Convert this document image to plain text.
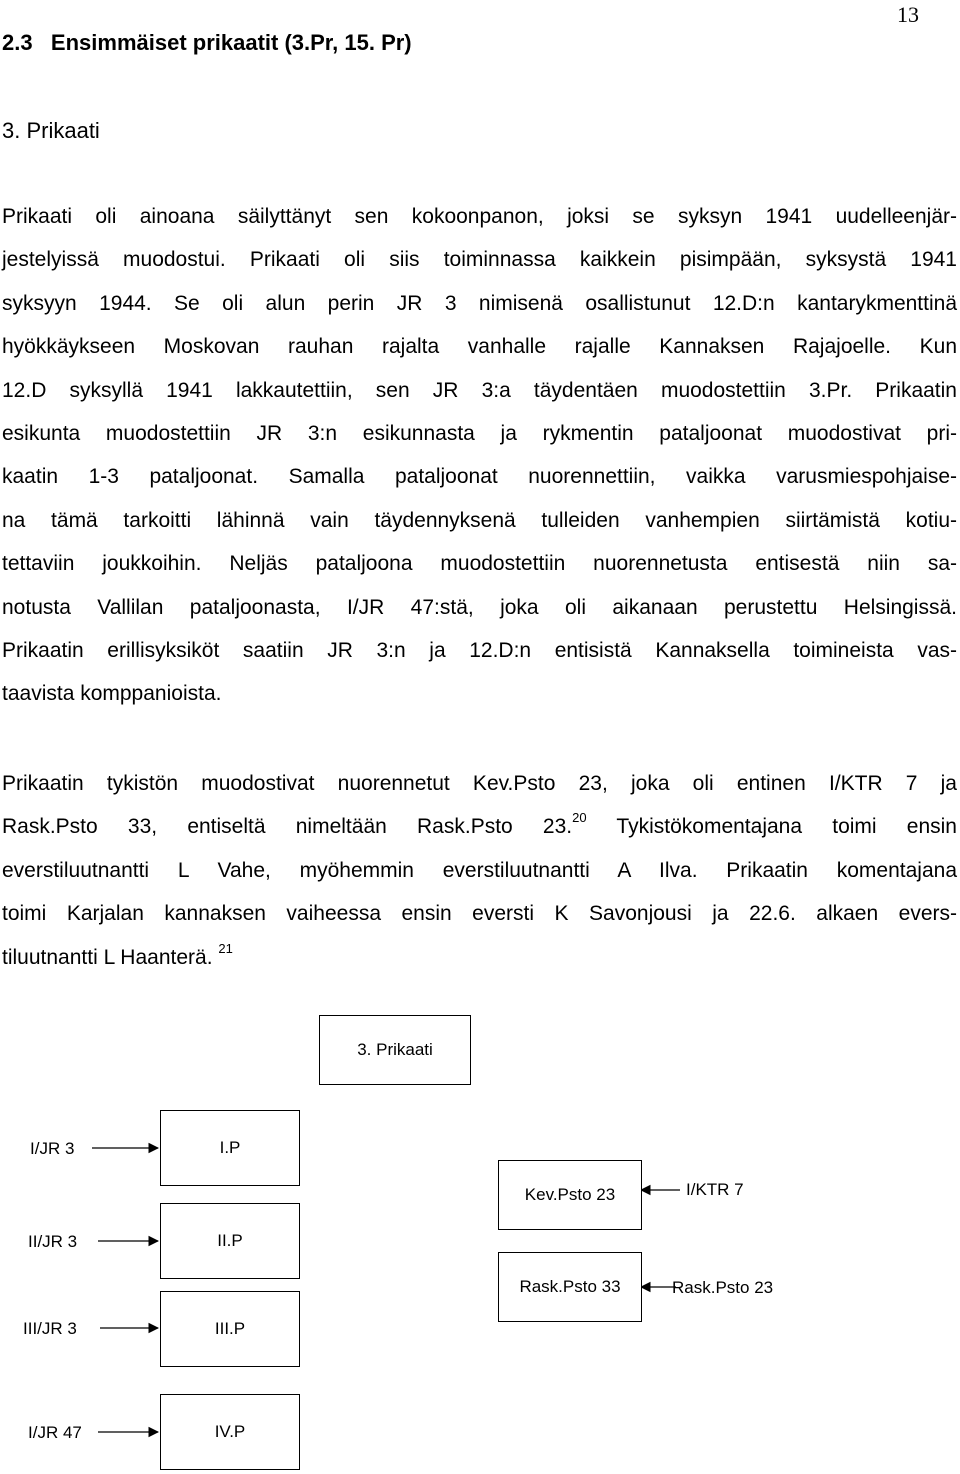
13
2.3   Ensimmäiset prikaatit (3.Pr, 15. Pr)
3. Prikaati
Prikaati oli ainoana säilyttänyt sen kokoonpanon, joksi se syksyn 1941 uudelleenjär-
jestelyissä muodostui. Prikaati oli siis toiminnassa kaikkein pisimpään, syksystä 1941
syksyyn 1944. Se oli alun perin JR 3 nimisenä osallistunut 12.D:n kantarykmenttinä
hyökkäykseen Moskovan rauhan rajalta vanhalle rajalle Kannaksen Rajajoelle. Kun
12.D syksyllä 1941 lakkautettiin, sen JR 3:a täydentäen muodostettiin 3.Pr. Prikaatin
esikunta muodostettiin JR 3:n esikunnasta ja rykmentin pataljoonat muodostivat pri-
kaatin 1-3 pataljoonat. Samalla pataljoonat nuorennettiin, vaikka varusmiespohjaise-
na tämä tarkoitti lähinnä vain täydennyksenä tulleiden vanhempien siirtämistä kotiu-
tettaviin joukkoihin. Neljäs pataljoona muodostettiin nuorennetusta entisestä niin sa-
notusta Vallilan pataljoonasta, I/JR 47:stä, joka oli aikanaan perustettu Helsingissä.
Prikaatin erillisyksiköt saatiin JR 3:n ja 12.D:n entisistä Kannaksella toimineista vas-
taavista komppanioista.
Prikaatin tykistön muodostivat nuorennetut Kev.Psto 23, joka oli entinen I/KTR 7 ja
Rask.Psto 33, entiseltä nimeltään Rask.Psto 23.20 Tykistökomentajana toimi ensin
everstiluutnantti L Vahe, myöhemmin everstiluutnantti A Ilva. Prikaatin komentajana
toimi Karjalan kannaksen vaiheessa ensin eversti K Savonjousi ja 22.6. alkaen evers-
tiluutnantti L Haanterä. $^{21}$
3. Prikaati
I.P
II.P
III.P
IV.P
Kev.Psto 23
Rask.Psto 33
I/JR 3
II/JR 3
III/JR 3
I/JR 47
I/KTR 7
Rask.Psto 23
